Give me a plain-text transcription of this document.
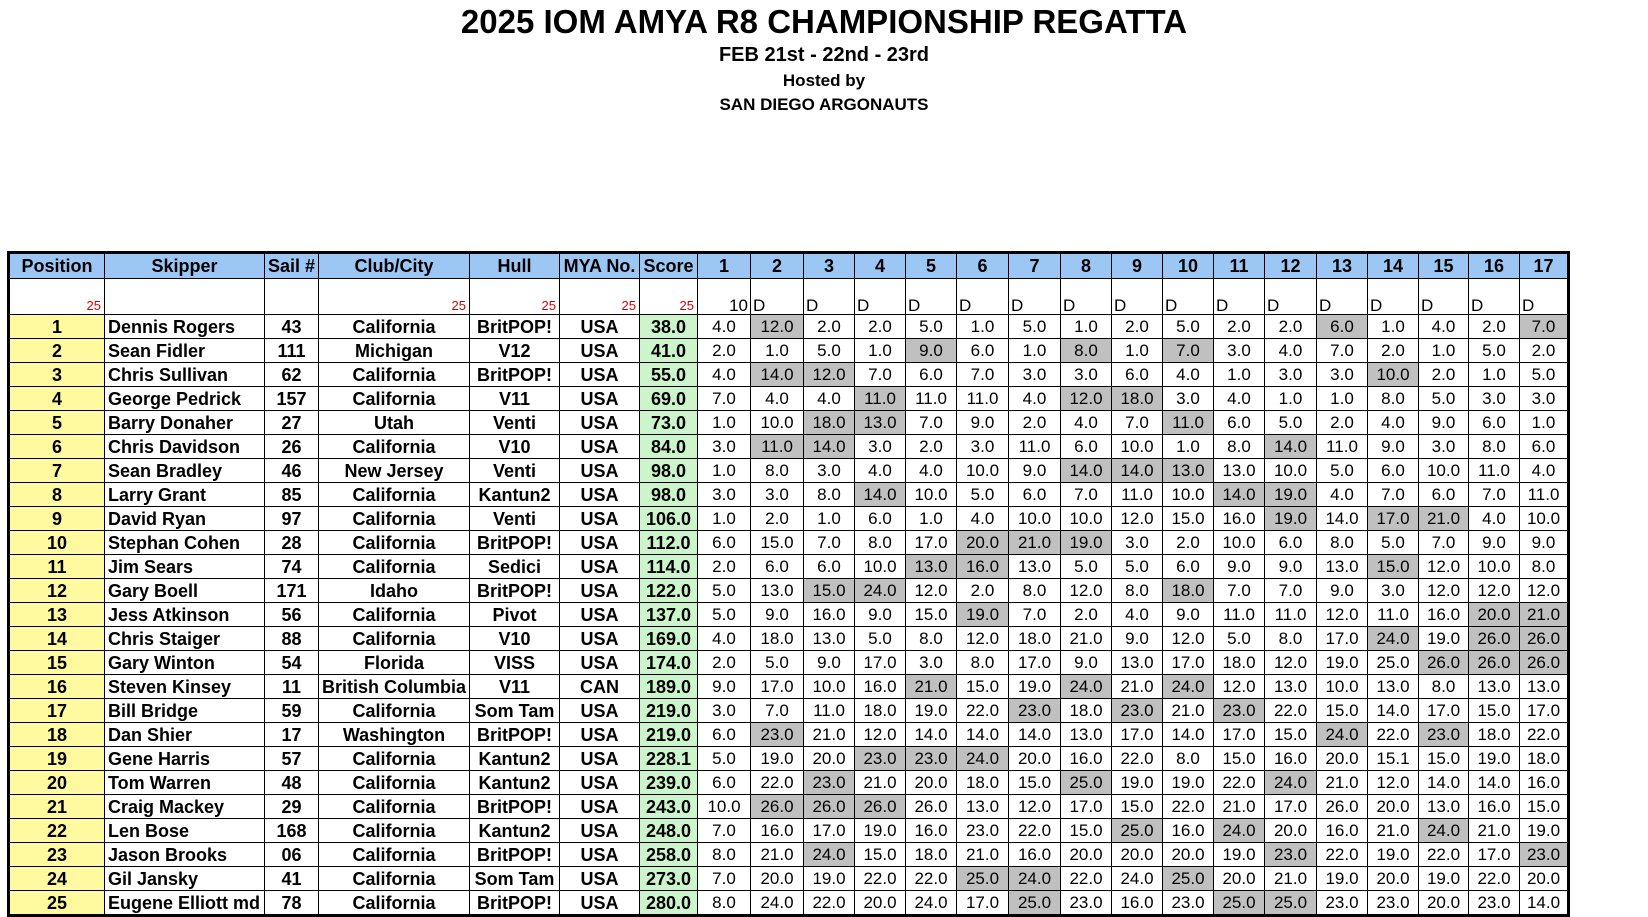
2025 IOM AMYA R8 CHAMPIONSHIP REGATTA
FEB 21st - 22nd - 23rd
Hosted by
SAN DIEGO ARGONAUTS
Position	Skipper	Sail #	Club/City	Hull	MYA No.	Score	1	2	3	4	5	6	7	8	9	10	11	12	13	14	15	16	17
25			25	25	25	25	10	D	D	D	D	D	D	D	D	D	D	D	D	D	D	D	D
1	Dennis Rogers	43	California	BritPOP!	USA	38.0	4.0	12.0	2.0	2.0	5.0	1.0	5.0	1.0	2.0	5.0	2.0	2.0	6.0	1.0	4.0	2.0	7.0
2	Sean Fidler	111	Michigan	V12	USA	41.0	2.0	1.0	5.0	1.0	9.0	6.0	1.0	8.0	1.0	7.0	3.0	4.0	7.0	2.0	1.0	5.0	2.0
3	Chris Sullivan	62	California	BritPOP!	USA	55.0	4.0	14.0	12.0	7.0	6.0	7.0	3.0	3.0	6.0	4.0	1.0	3.0	3.0	10.0	2.0	1.0	5.0
4	George Pedrick	157	California	V11	USA	69.0	7.0	4.0	4.0	11.0	11.0	11.0	4.0	12.0	18.0	3.0	4.0	1.0	1.0	8.0	5.0	3.0	3.0
5	Barry Donaher	27	Utah	Venti	USA	73.0	1.0	10.0	18.0	13.0	7.0	9.0	2.0	4.0	7.0	11.0	6.0	5.0	2.0	4.0	9.0	6.0	1.0
6	Chris Davidson	26	California	V10	USA	84.0	3.0	11.0	14.0	3.0	2.0	3.0	11.0	6.0	10.0	1.0	8.0	14.0	11.0	9.0	3.0	8.0	6.0
7	Sean Bradley	46	New Jersey	Venti	USA	98.0	1.0	8.0	3.0	4.0	4.0	10.0	9.0	14.0	14.0	13.0	13.0	10.0	5.0	6.0	10.0	11.0	4.0
8	Larry Grant	85	California	Kantun2	USA	98.0	3.0	3.0	8.0	14.0	10.0	5.0	6.0	7.0	11.0	10.0	14.0	19.0	4.0	7.0	6.0	7.0	11.0
9	David Ryan	97	California	Venti	USA	106.0	1.0	2.0	1.0	6.0	1.0	4.0	10.0	10.0	12.0	15.0	16.0	19.0	14.0	17.0	21.0	4.0	10.0
10	Stephan Cohen	28	California	BritPOP!	USA	112.0	6.0	15.0	7.0	8.0	17.0	20.0	21.0	19.0	3.0	2.0	10.0	6.0	8.0	5.0	7.0	9.0	9.0
11	Jim Sears	74	California	Sedici	USA	114.0	2.0	6.0	6.0	10.0	13.0	16.0	13.0	5.0	5.0	6.0	9.0	9.0	13.0	15.0	12.0	10.0	8.0
12	Gary Boell	171	Idaho	BritPOP!	USA	122.0	5.0	13.0	15.0	24.0	12.0	2.0	8.0	12.0	8.0	18.0	7.0	7.0	9.0	3.0	12.0	12.0	12.0
13	Jess Atkinson	56	California	Pivot	USA	137.0	5.0	9.0	16.0	9.0	15.0	19.0	7.0	2.0	4.0	9.0	11.0	11.0	12.0	11.0	16.0	20.0	21.0
14	Chris Staiger	88	California	V10	USA	169.0	4.0	18.0	13.0	5.0	8.0	12.0	18.0	21.0	9.0	12.0	5.0	8.0	17.0	24.0	19.0	26.0	26.0
15	Gary Winton	54	Florida	VISS	USA	174.0	2.0	5.0	9.0	17.0	3.0	8.0	17.0	9.0	13.0	17.0	18.0	12.0	19.0	25.0	26.0	26.0	26.0
16	Steven Kinsey	11	British Columbia	V11	CAN	189.0	9.0	17.0	10.0	16.0	21.0	15.0	19.0	24.0	21.0	24.0	12.0	13.0	10.0	13.0	8.0	13.0	13.0
17	Bill Bridge	59	California	Som Tam	USA	219.0	3.0	7.0	11.0	18.0	19.0	22.0	23.0	18.0	23.0	21.0	23.0	22.0	15.0	14.0	17.0	15.0	17.0
18	Dan Shier	17	Washington	BritPOP!	USA	219.0	6.0	23.0	21.0	12.0	14.0	14.0	14.0	13.0	17.0	14.0	17.0	15.0	24.0	22.0	23.0	18.0	22.0
19	Gene Harris	57	California	Kantun2	USA	228.1	5.0	19.0	20.0	23.0	23.0	24.0	20.0	16.0	22.0	8.0	15.0	16.0	20.0	15.1	15.0	19.0	18.0
20	Tom Warren	48	California	Kantun2	USA	239.0	6.0	22.0	23.0	21.0	20.0	18.0	15.0	25.0	19.0	19.0	22.0	24.0	21.0	12.0	14.0	14.0	16.0
21	Craig Mackey	29	California	BritPOP!	USA	243.0	10.0	26.0	26.0	26.0	26.0	13.0	12.0	17.0	15.0	22.0	21.0	17.0	26.0	20.0	13.0	16.0	15.0
22	Len Bose	168	California	Kantun2	USA	248.0	7.0	16.0	17.0	19.0	16.0	23.0	22.0	15.0	25.0	16.0	24.0	20.0	16.0	21.0	24.0	21.0	19.0
23	Jason Brooks	06	California	BritPOP!	USA	258.0	8.0	21.0	24.0	15.0	18.0	21.0	16.0	20.0	20.0	20.0	19.0	23.0	22.0	19.0	22.0	17.0	23.0
24	Gil Jansky	41	California	Som Tam	USA	273.0	7.0	20.0	19.0	22.0	22.0	25.0	24.0	22.0	24.0	25.0	20.0	21.0	19.0	20.0	19.0	22.0	20.0
25	Eugene Elliott md	78	California	BritPOP!	USA	280.0	8.0	24.0	22.0	20.0	24.0	17.0	25.0	23.0	16.0	23.0	25.0	25.0	23.0	23.0	20.0	23.0	14.0
